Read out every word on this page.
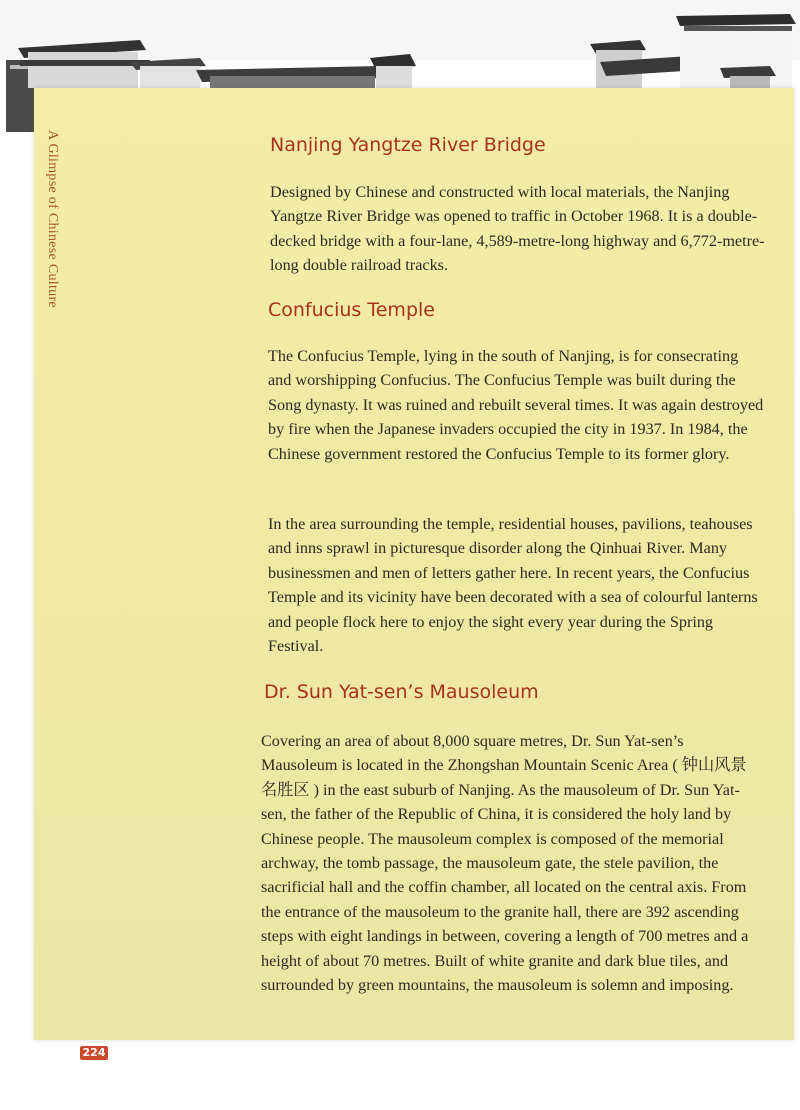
A Glimpse of Chinese Culture	Nanjing Yangtze River Bridge

Designed by Chinese and constructed with local materials, the Nanjing Yangtze River Bridge was opened to traffic in October 1968. It is a double-decked bridge with a four-lane, 4,589-metre-long highway and 6,772-metre-long double railroad tracks.

Confucius Temple

The Confucius Temple, lying in the south of Nanjing, is for consecrating and worshipping Confucius. The Confucius Temple was built during the Song dynasty. It was ruined and rebuilt several times. It was again destroyed by fire when the Japanese invaders occupied the city in 1937. In 1984, the Chinese government restored the Confucius Temple to its former glory.

In the area surrounding the temple, residential houses, pavilions, teahouses and inns sprawl in picturesque disorder along the Qinhuai River. Many businessmen and men of letters gather here. In recent years, the Confucius Temple and its vicinity have been decorated with a sea of colourful lanterns and people flock here to enjoy the sight every year during the Spring Festival.

Dr. Sun Yat-sen’s Mausoleum

Covering an area of about 8,000 square metres, Dr. Sun Yat-sen’s Mausoleum is located in the Zhongshan Mountain Scenic Area ( 钟山风景名胜区 ) in the east suburb of Nanjing. As the mausoleum of Dr. Sun Yat-sen, the father of the Republic of China, it is considered the holy land by Chinese people. The mausoleum complex is composed of the memorial archway, the tomb passage, the mausoleum gate, the stele pavilion, the sacrificial hall and the coffin chamber, all located on the central axis. From the entrance of the mausoleum to the granite hall, there are 392 ascending steps with eight landings in between, covering a length of 700 metres and a height of about 70 metres. Built of white granite and dark blue tiles, and surrounded by green mountains, the mausoleum is solemn and imposing.

224
